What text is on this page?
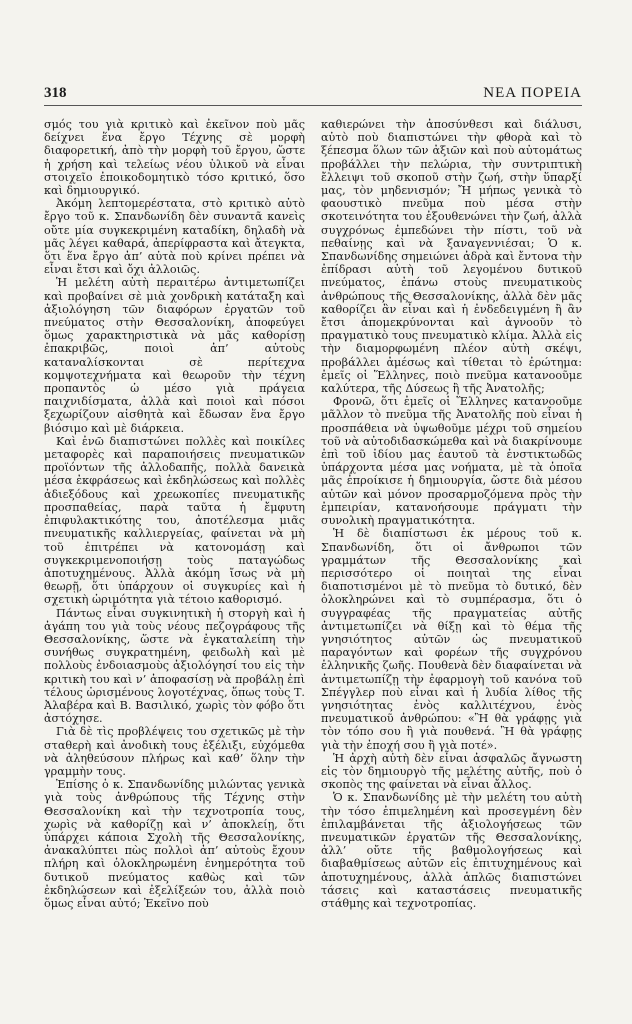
318	ΝΕΑ ΠΟΡΕΙΑ

σμός του γιὰ κριτικὸ καὶ ἐκεῖνον ποὺ μᾶς δείχνει ἕνα ἔργο Τέχνης σὲ μορφὴ διαφορετική, ἀπὸ τὴν μορφὴ τοῦ ἔργου, ὥστε ἡ χρήση καὶ τελείως νέου ὑλικοῦ νὰ εἶναι στοιχεῖο ἐποικοδομητικὸ τόσο κριτικό, ὅσο καὶ δημιουργικό.

Ἀκόμη λεπτομερέστατα, στὸ κριτικὸ αὐτὸ ἔργο τοῦ κ. Σπανδωνίδη δὲν συναντᾶ κανεὶς οὔτε μία συγκεκριμένη καταδίκη, δηλαδὴ νὰ μᾶς λέγει καθαρά, ἀπερίφραστα καὶ ἄτεγκτα, ὅτι ἕνα ἔργο ἀπ’ αὐτὰ ποὺ κρίνει πρέπει νὰ εἶναι ἔτσι καὶ ὄχι ἀλλοιῶς.

Ἡ μελέτη αὐτὴ περαιτέρω ἀντιμετωπίζει καὶ προβαίνει σὲ μιὰ χονδρικὴ κατάταξη καὶ ἀξιολόγηση τῶν διαφόρων ἐργατῶν τοῦ πνεύματος στὴν Θεσσαλονίκη, ἀποφεύγει ὅμως χαρακτηριστικὰ νὰ μᾶς καθορίσῃ ἐπακριβῶς, ποιοὶ ἀπ’ αὐτοὺς καταναλίσκονται σὲ περίτεχνα κομψοτεχνήματα καὶ θεωροῦν τὴν τέχνη προπαντὸς ὡ μέσο γιὰ πράγεια παιχνιδίσματα, ἀλλὰ καὶ ποιοὶ καὶ πόσοι ξεχωρίζουν αἰσθητὰ καὶ ἔδωσαν ἕνα ἔργο βιόσιμο καὶ μὲ διάρκεια.

Καὶ ἐνῶ διαπιστώνει πολλὲς καὶ ποικίλες μεταφορὲς καὶ παραποιήσεις πνευματικῶν προϊόντων τῆς ἀλλοδαπῆς, πολλὰ δανεικὰ μέσα ἐκφράσεως καὶ ἐκδηλώσεως καὶ πολλὲς ἀδιεξόδους καὶ χρεωκοπίες πνευματικῆς προσπαθείας, παρὰ ταῦτα ἡ ἔμφυτη ἐπιφυλακτικότης του, ἀποτέλεσμα μιᾶς πνευματικῆς καλλιεργείας, φαίνεται νὰ μὴ τοῦ ἐπιτρέπει νὰ κατονομάσῃ καὶ συγκεκριμενοποιήσῃ τοὺς παταγώδως ἀποτυχημένους. Ἀλλὰ ἀκόμη ἴσως νὰ μὴ θεωρῇ, ὅτι ὑπάρχουν οἱ συγκυρίες καὶ ἡ σχετικὴ ὡριμότητα γιὰ τέτοιο καθορισμό.

Πάντως εἶναι συγκινητικὴ ἡ στοργὴ καὶ ἡ ἀγάπη του γιὰ τοὺς νέους πεζογράφους τῆς Θεσσαλονίκης, ὥστε νὰ ἐγκαταλείπη τὴν συνήθως συγκρατημένη, φειδωλὴ καὶ μὲ πολλοὺς ἐνδοιασμοὺς ἀξιολόγησί του εἰς τὴν κριτικὴ του καὶ ν’ ἀποφασίσῃ νὰ προβάλῃ ἐπὶ τέλους ὡρισμένους λογοτέχνας, ὅπως τοὺς Τ. Ἀλαβέρα καὶ Β. Βασιλικό, χωρὶς τὸν φόβο ὅτι ἀστόχησε.

Γιὰ δὲ τὶς προβλέψεις του σχετικῶς μὲ τὴν σταθερὴ καὶ ἀνοδικὴ τους ἐξέλιξι, εὐχόμεθα νὰ ἀληθεύσουν πλήρως καὶ καθ’ ὅλην τὴν γραμμὴν τους.

Ἐπίσης ὁ κ. Σπανδωνίδης μιλώντας γενικὰ γιὰ τοὺς ἀνθρώπους τῆς Τέχνης στὴν Θεσσαλονίκη καὶ τὴν τεχνοτροπία τους, χωρὶς νὰ καθορίζῃ καὶ ν’ ἀποκλείῃ, ὅτι ὑπάρχει κάποια Σχολὴ τῆς Θεσσαλονίκης, ἀνακαλύπτει πὼς πολλοὶ ἀπ’ αὐτοὺς ἔχουν πλήρη καὶ ὁλοκληρωμένη ἐνημερότητα τοῦ δυτικοῦ πνεύματος καθὼς καὶ τῶν ἐκδηλώσεων καὶ ἐξελίξεών του, ἀλλὰ ποιὸ ὅμως εἶναι αὐτό; Ἐκεῖνο ποὺ

καθιερώνει τὴν ἀποσύνθεσι καὶ διάλυσι, αὐτὸ ποὺ διαπιστώνει τὴν φθορὰ καὶ τὸ ξέπεσμα ὅλων τῶν ἀξιῶν καὶ ποὺ αὐτομάτως προβάλλει τὴν πελώρια, τὴν συντριπτικὴ ἔλλειψι τοῦ σκοποῦ στὴν ζωή, στὴν ὕπαρξί μας, τὸν μηδενισμόν; Ἤ μήπως γενικὰ τὸ φαουστικὸ πνεῦμα ποὺ μέσα στὴν σκοτεινότητα του ἐξουθενώνει τὴν ζωή, ἀλλὰ συγχρόνως ἐμπεδώνει τὴν πίστι, τοῦ νὰ πεθαίνῃς καὶ νὰ ξαναγεννιέσαι; Ὁ κ. Σπανδωνίδης σημειώνει ἀδρὰ καὶ ἔντονα τὴν ἐπίδρασι αὐτὴ τοῦ λεγομένου δυτικοῦ πνεύματος, ἐπάνω στοὺς πνευματικοὺς ἀνθρώπους τῆς Θεσσαλονίκης, ἀλλὰ δὲν μᾶς καθορίζει ἂν εἶναι καὶ ἡ ἐνδεδειγμένη ἢ ἂν ἔτσι ἀπομεκρύνονται καὶ ἀγνοοῦν τὸ πραγματικὸ τους πνευματικὸ κλίμα. Ἀλλὰ εἰς τὴν διαμορφωμένη πλέον αὐτὴ σκέψι, προβάλλει ἀμέσως καὶ τίθεται τὸ ἐρώτημα: ἐμεῖς οἱ Ἕλληνες, ποιὸ πνεῦμα κατανοοῦμε καλύτερα, τῆς Δύσεως ἢ τῆς Ἀνατολῆς;

Φρονῶ, ὅτι ἐμεῖς οἱ Ἕλληνες κατανοοῦμε μᾶλλον τὸ πνεῦμα τῆς Ἀνατολῆς ποὺ εἶναι ἡ προσπάθεια νὰ ὑψωθοῦμε μέχρι τοῦ σημείου τοῦ νὰ αὐτοδιδασκώμεθα καὶ νὰ διακρίνουμε ἐπὶ τοῦ ἰδίου μας ἑαυτοῦ τὰ ἐνστικτωδῶς ὑπάρχοντα μέσα μας νοήματα, μὲ τὰ ὁποῖα μᾶς ἐπροίκισε ἡ δημιουργία, ὥστε διὰ μέσου αὐτῶν καὶ μόνον προσαρμοζόμενα πρὸς τὴν ἐμπειρίαν, κατανοήσουμε πράγματι τὴν συνολικὴ πραγματικότητα.

Ἡ δὲ διαπίστωσι ἐκ μέρους τοῦ κ. Σπανδωνίδη, ὅτι οἱ ἄνθρωποι τῶν γραμμάτων τῆς Θεσσαλονίκης καὶ περισσότερο οἱ ποιηταὶ της εἶναι διαποτισμένοι μὲ τὸ πνεῦμα τὸ δυτικό, δὲν ὁλοκληρώνει καὶ τὸ συμπέρασμα, ὅτι ὁ συγγραφέας τῆς πραγματείας αὐτῆς ἀντιμετωπίζει νὰ θίξῃ καὶ τὸ θέμα τῆς γνησιότητος αὐτῶν ὡς πνευματικοῦ παραγόντων καὶ φορέων τῆς συγχρόνου ἑλληνικῆς ζωῆς. Πουθενὰ δὲν διαφαίνεται νὰ ἀντιμετωπίζῃ τὴν ἐφαρμογὴ τοῦ κανόνα τοῦ Σπέγγλερ ποὺ εἶναι καὶ ἡ λυδία λίθος τῆς γνησιότητας ἑνὸς καλλιτέχνου, ἑνὸς πνευματικοῦ ἀνθρώπου: «Ἢ θὰ γράφῃς γιὰ τὸν τόπο σου ἢ γιὰ πουθενά. Ἢ θὰ γράφῃς γιὰ τὴν ἐποχή σου ἢ γιὰ ποτέ».

Ἡ ἀρχὴ αὐτὴ δὲν εἶναι ἀσφαλῶς ἄγνωστη εἰς τὸν δημιουργὸ τῆς μελέτης αὐτῆς, ποὺ ὁ σκοπὸς της φαίνεται νὰ εἶναι ἄλλος.

Ὁ κ. Σπανδωνίδης μὲ τὴν μελέτη του αὐτὴ τὴν τόσο ἐπιμελημένη καὶ προσεγμένη δὲν ἐπιλαμβάνεται τῆς ἀξιολογήσεως τῶν πνευματικῶν ἐργατῶν τῆς Θεσσαλονίκης, ἀλλ’ οὔτε τῆς βαθμολογήσεως καὶ διαβαθμίσεως αὐτῶν εἰς ἐπιτυχημένους καὶ ἀποτυχημένους, ἀλλὰ ἁπλῶς διαπιστώνει τάσεις καὶ καταστάσεις πνευματικῆς στάθμης καὶ τεχνοτροπίας.
